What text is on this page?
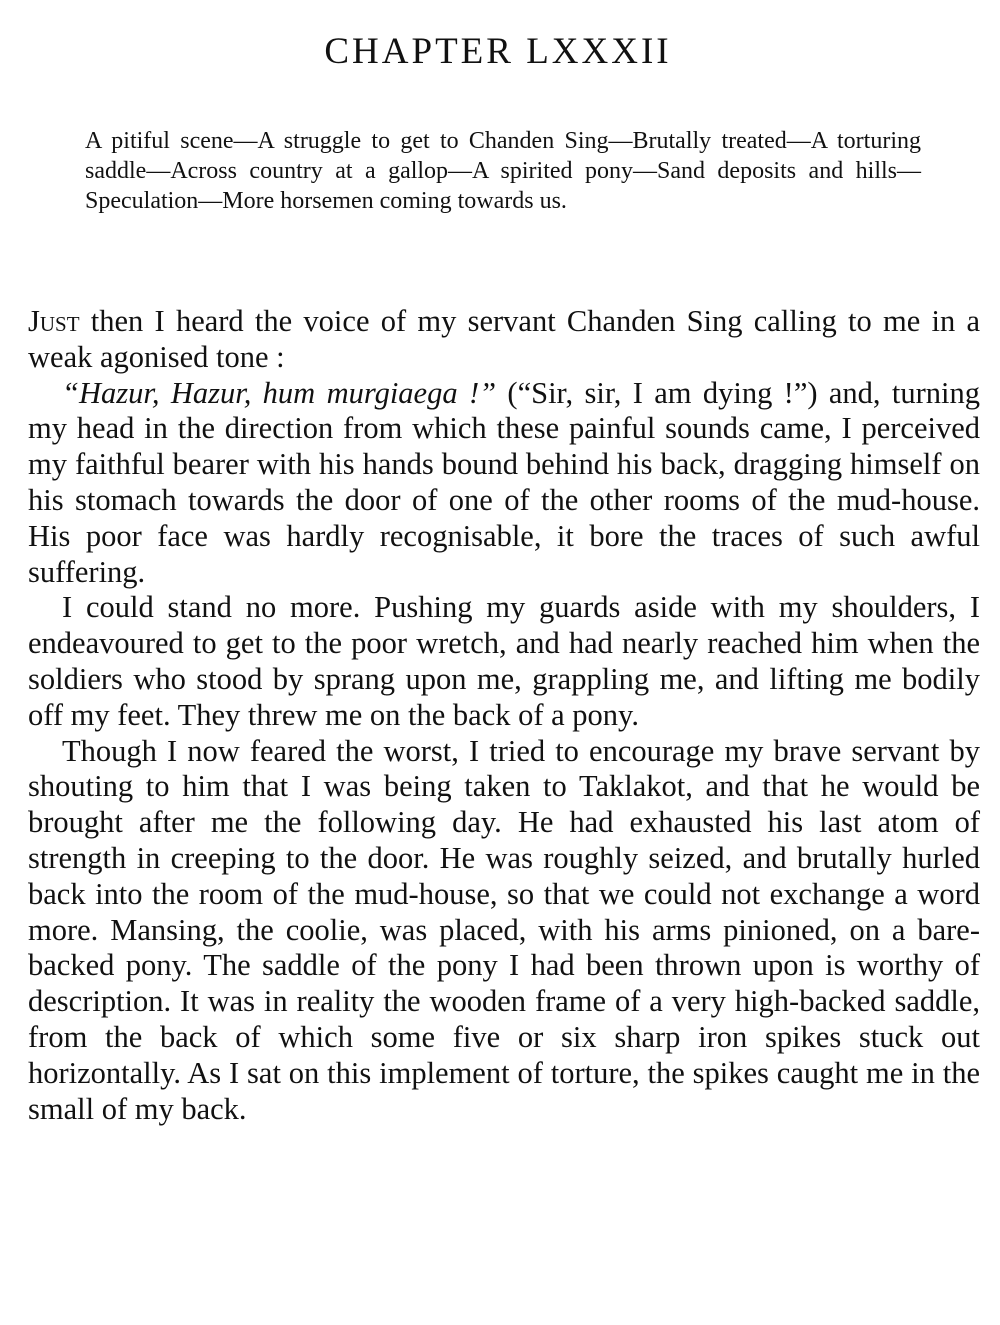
CHAPTER LXXXII

A pitiful scene—A struggle to get to Chanden Sing—Brutally treated—A torturing saddle—Across country at a gallop—A spirited pony—Sand deposits and hills—Speculation—More horsemen coming towards us.

Just then I heard the voice of my servant Chanden Sing calling to me in a weak agonised tone :

“Hazur, Hazur, hum murgiaega !” (“Sir, sir, I am dying !”) and, turning my head in the direction from which these painful sounds came, I perceived my faithful bearer with his hands bound behind his back, dragging himself on his stomach towards the door of one of the other rooms of the mud-house. His poor face was hardly recognisable, it bore the traces of such awful suffering.

I could stand no more. Pushing my guards aside with my shoulders, I endeavoured to get to the poor wretch, and had nearly reached him when the soldiers who stood by sprang upon me, grappling me, and lifting me bodily off my feet. They threw me on the back of a pony.

Though I now feared the worst, I tried to encourage my brave servant by shouting to him that I was being taken to Taklakot, and that he would be brought after me the following day. He had exhausted his last atom of strength in creeping to the door. He was roughly seized, and brutally hurled back into the room of the mud-house, so that we could not exchange a word more. Mansing, the coolie, was placed, with his arms pinioned, on a bare-backed pony. The saddle of the pony I had been thrown upon is worthy of description. It was in reality the wooden frame of a very high-backed saddle, from the back of which some five or six sharp iron spikes stuck out horizontally. As I sat on this implement of torture, the spikes caught me in the small of my back.
